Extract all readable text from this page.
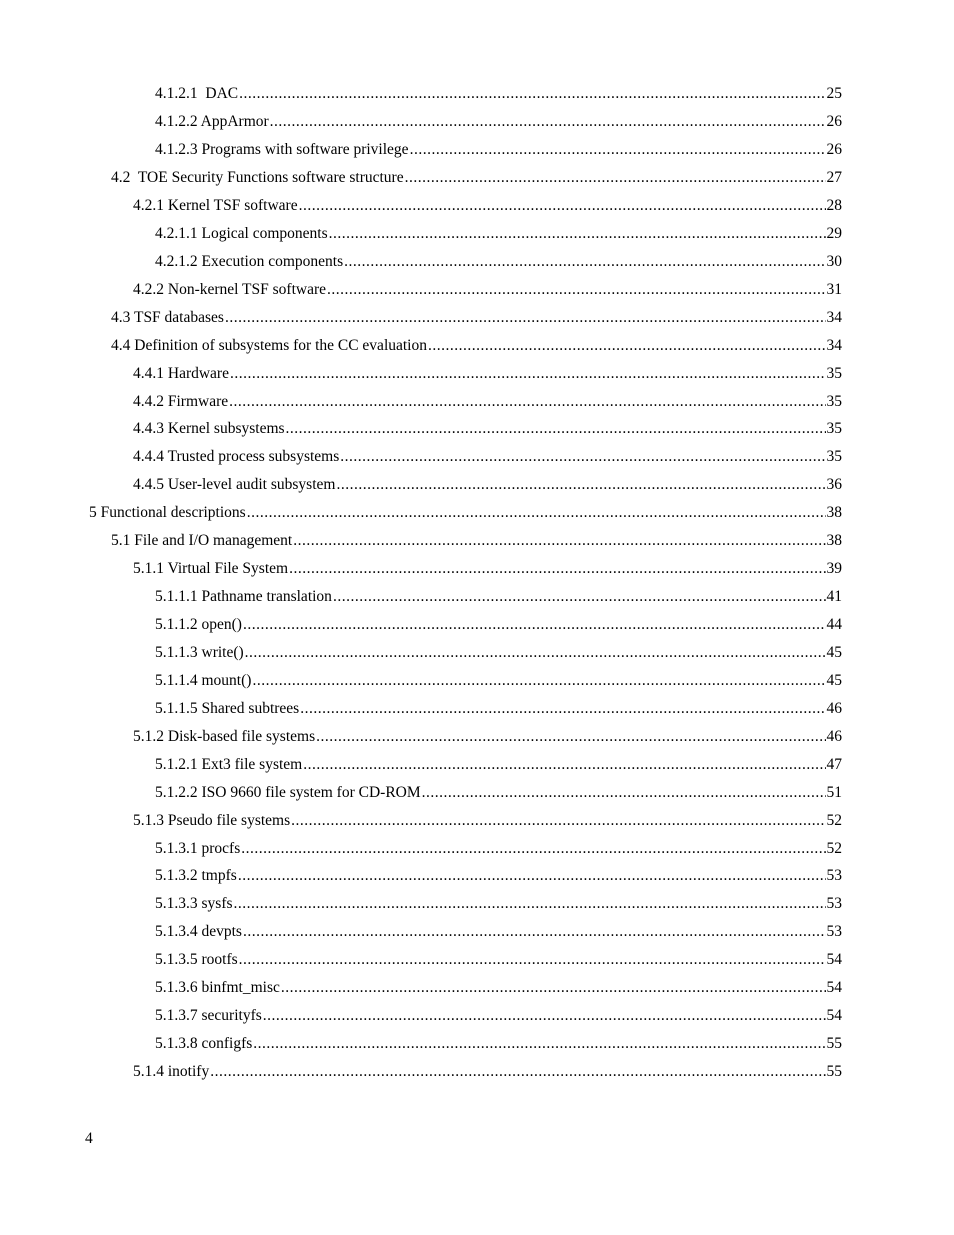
4.1.2.1  DAC .....	25
4.1.2.2 AppArmor .....	26
4.1.2.3 Programs with software privilege .....	26
4.2  TOE Security Functions software structure .....	27
4.2.1 Kernel TSF software .....	28
4.2.1.1 Logical components .....	29
4.2.1.2 Execution components .....	30
4.2.2 Non-kernel TSF software .....	31
4.3 TSF databases .....	34
4.4 Definition of subsystems for the CC evaluation .....	34
4.4.1 Hardware .....	35
4.4.2 Firmware .....	35
4.4.3 Kernel subsystems .....	35
4.4.4 Trusted process subsystems .....	35
4.4.5 User-level audit subsystem .....	36
5 Functional descriptions .....	38
5.1 File and I/O management .....	38
5.1.1 Virtual File System .....	39
5.1.1.1 Pathname translation .....	41
5.1.1.2 open() .....	44
5.1.1.3 write() .....	45
5.1.1.4 mount() .....	45
5.1.1.5 Shared subtrees .....	46
5.1.2 Disk-based file systems .....	46
5.1.2.1 Ext3 file system .....	47
5.1.2.2 ISO 9660 file system for CD-ROM .....	51
5.1.3 Pseudo file systems .....	52
5.1.3.1 procfs .....	52
5.1.3.2 tmpfs .....	53
5.1.3.3 sysfs .....	53
5.1.3.4 devpts .....	53
5.1.3.5 rootfs .....	54
5.1.3.6 binfmt_misc .....	54
5.1.3.7 securityfs .....	54
5.1.3.8 configfs .....	55
5.1.4 inotify .....	55
4
